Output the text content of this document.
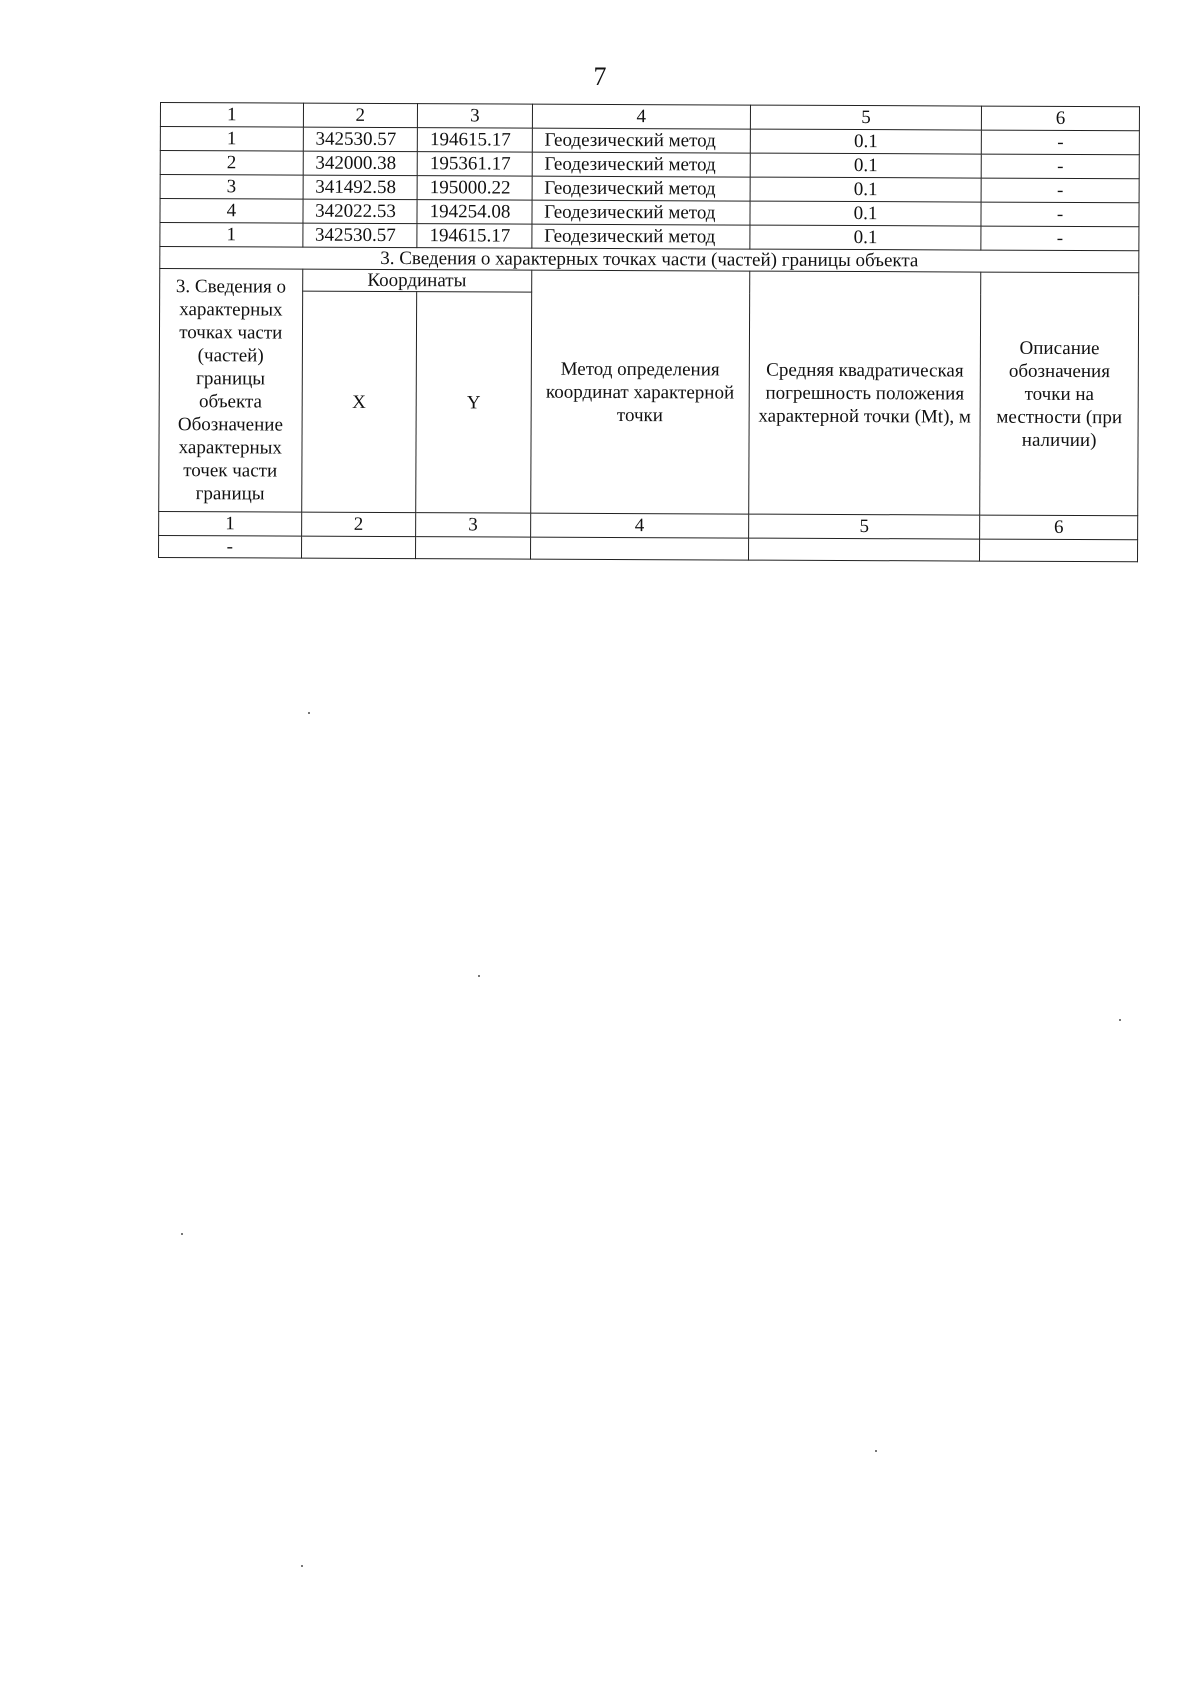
7
1	2	3	4	5	6
1	342530.57	194615.17	Геодезический метод	0.1	-
2	342000.38	195361.17	Геодезический метод	0.1	-
3	341492.58	195000.22	Геодезический метод	0.1	-
4	342022.53	194254.08	Геодезический метод	0.1	-
1	342530.57	194615.17	Геодезический метод	0.1	-
3. Сведения о характерных точках части (частей) границы объекта					
3. Сведения о характерных точках части (частей) границы объекта Обозначение характерных точек части границы	Координаты		Метод определения координат характерной точки	Средняя квадратическая погрешность положения характерной точки (Mt), м	Описание обозначения точки на местности (при наличии)
	X	Y			
1	2	3	4	5	6
-					
